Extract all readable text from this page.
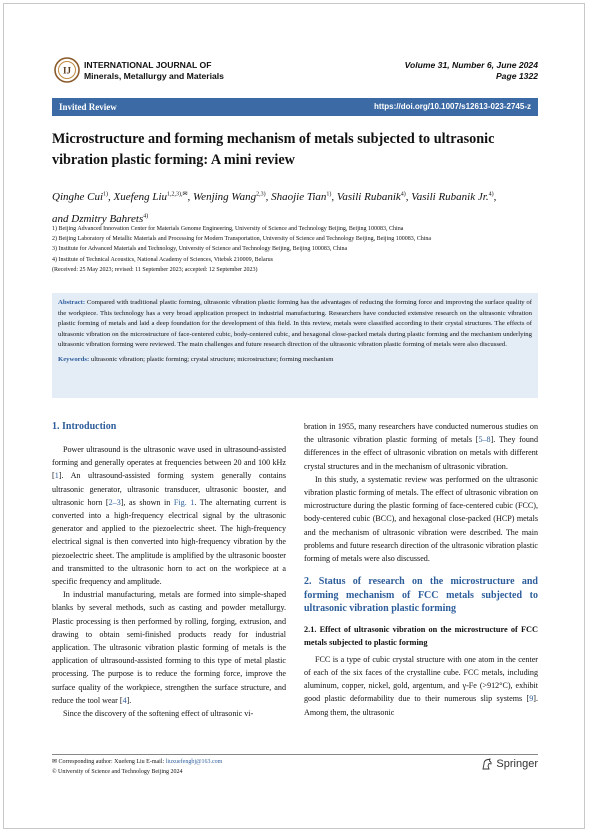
IJ
INTERNATIONAL JOURNAL OF
Minerals, Metallurgy and Materials
Volume 31, Number 6, June 2024
Page 1322
Invited Review	https://doi.org/10.1007/s12613-023-2745-z
Microstructure and forming mechanism of metals subjected to ultrasonic vibration plastic forming: A mini review
Qinghe Cui$^{1)}$, Xuefeng Liu$^{1,2,3),✉}$, Wenjing Wang$^{2,3)}$, Shaojie Tian$^{1)}$, Vasili Rubanik$^{4)}$, Vasili Rubanik Jr.$^{4)}$,
and Dzmitry Bahrets$^{4)}$
1) Beijing Advanced Innovation Center for Materials Genome Engineering, University of Science and Technology Beijing, Beijing 100083, China
2) Beijing Laboratory of Metallic Materials and Processing for Modern Transportation, University of Science and Technology Beijing, Beijing 100083, China
3) Institute for Advanced Materials and Technology, University of Science and Technology Beijing, Beijing 100083, China
4) Institute of Technical Acoustics, National Academy of Sciences, Vitebsk 210009, Belarus
(Received: 25 May 2023; revised: 11 September 2023; accepted: 12 September 2023)
Abstract: Compared with traditional plastic forming, ultrasonic vibration plastic forming has the advantages of reducing the forming force and improving the surface quality of the workpiece. This technology has a very broad application prospect in industrial manufacturing. Researchers have conducted extensive research on the ultrasonic vibration plastic forming of metals and laid a deep foundation for the development of this field. In this review, metals were classified according to their crystal structures. The effects of ultrasonic vibration on the microstructure of face-centered cubic, body-centered cubic, and hexagonal close-packed metals during plastic forming and the mechanism underlying ultrasonic vibration forming were reviewed. The main challenges and future research direction of the ultrasonic vibration plastic forming of metals were also discussed.
Keywords: ultrasonic vibration; plastic forming; crystal structure; microstructure; forming mechanism
1. Introduction

Power ultrasound is the ultrasonic wave used in ultrasound-assisted forming and generally operates at frequencies between 20 and 100 kHz [1]. An ultrasound-assisted forming system generally contains ultrasonic generator, ultrasonic transducer, ultrasonic booster, and ultrasonic horn [2–3], as shown in Fig. 1. The alternating current is converted into a high-frequency electrical signal by the ultrasonic generator and applied to the piezoelectric sheet. The high-frequency electrical signal is then converted into high-frequency vibration by the piezoelectric sheet. The amplitude is amplified by the ultrasonic booster and transmitted to the ultrasonic horn to act on the workpiece at a specific frequency and amplitude.

In industrial manufacturing, metals are formed into simple-shaped blanks by several methods, such as casting and powder metallurgy. Plastic processing is then performed by rolling, forging, extrusion, and drawing to obtain semi-finished products ready for industrial application. The ultrasonic vibration plastic forming of metals is the application of ultrasound-assisted forming to this type of metal plastic processing. The purpose is to reduce the forming force, improve the surface quality of the workpiece, strengthen the surface structure, and reduce the tool wear [4].

Since the discovery of the softening effect of ultrasonic vi-

bration in 1955, many researchers have conducted numerous studies on the ultrasonic vibration plastic forming of metals [5–8]. They found differences in the effect of ultrasonic vibration on metals with different crystal structures and in the mechanism of ultrasonic vibration.

In this study, a systematic review was performed on the ultrasonic vibration plastic forming of metals. The effect of ultrasonic vibration on microstructure during the plastic forming of face-centered cubic (FCC), body-centered cubic (BCC), and hexagonal close-packed (HCP) metals and the mechanism of ultrasonic vibration were described. The main problems and future research direction of the ultrasonic vibration plastic forming of metals were also discussed.

2. Status of research on the microstructure and forming mechanism of FCC metals subjected to ultrasonic vibration plastic forming
2.1. Effect of ultrasonic vibration on the microstructure of FCC metals subjected to plastic forming

FCC is a type of cubic crystal structure with one atom in the center of each of the six faces of the crystalline cube. FCC metals, including aluminum, copper, nickel, gold, argentum, and γ-Fe (>912°C), exhibit good plastic deformability due to their numerous slip systems [9]. Among them, the ultrasonic

✉ Corresponding author: Xuefeng Liu E-mail: liuxuefengbj@163.com
© University of Science and Technology Beijing 2024
Springer
